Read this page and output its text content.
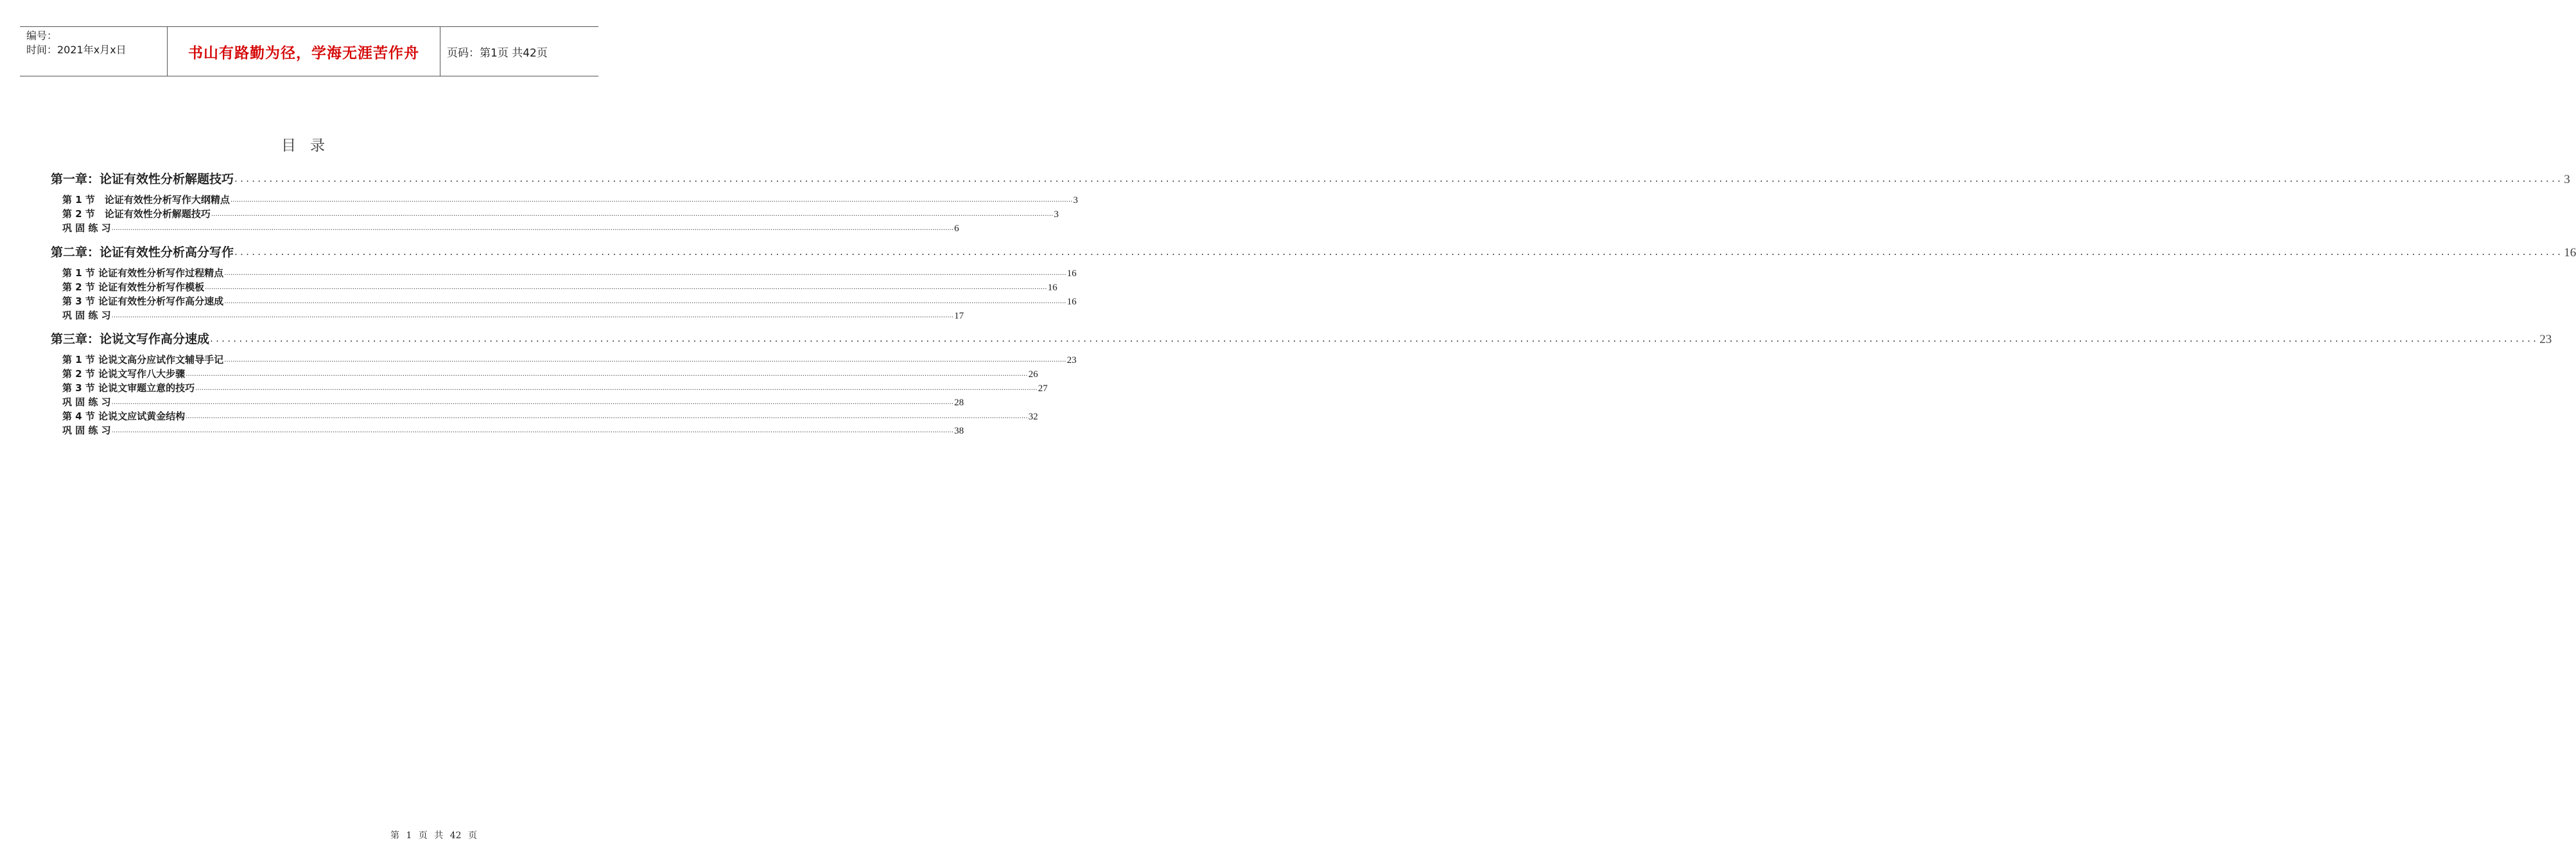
编号：
时间：2021年x月x日	书山有路勤为径，学海无涯苦作舟	页码：第1页 共42页
目录
第一章：论证有效性分析解题技巧 ................................................................................................................................................................................................................................................................................................................................................................................................................ 3
第 1 节　论证有效性分析写作大纲精点 ................................................................................................................................................................................................................................................................................................................................................................................................................ 3
第 2 节　论证有效性分析解题技巧 ................................................................................................................................................................................................................................................................................................................................................................................................................ 3
巩 固 练 习 ................................................................................................................................................................................................................................................................................................................................................................................................................ 6
第二章：论证有效性分析高分写作 ................................................................................................................................................................................................................................................................................................................................................................................................................ 16
第 1 节 论证有效性分析写作过程精点 ................................................................................................................................................................................................................................................................................................................................................................................................................ 16
第 2 节 论证有效性分析写作模板 ................................................................................................................................................................................................................................................................................................................................................................................................................ 16
第 3 节 论证有效性分析写作高分速成 ................................................................................................................................................................................................................................................................................................................................................................................................................ 16
巩 固 练 习 ................................................................................................................................................................................................................................................................................................................................................................................................................ 17
第三章：论说文写作高分速成 ................................................................................................................................................................................................................................................................................................................................................................................................................ 23
第 1 节 论说文高分应试作文辅导手记 ................................................................................................................................................................................................................................................................................................................................................................................................................ 23
第 2 节 论说文写作八大步骤 ................................................................................................................................................................................................................................................................................................................................................................................................................ 26
第 3 节 论说文审题立意的技巧 ................................................................................................................................................................................................................................................................................................................................................................................................................ 27
巩 固 练 习 ................................................................................................................................................................................................................................................................................................................................................................................................................ 28
第 4 节 论说文应试黄金结构 ................................................................................................................................................................................................................................................................................................................................................................................................................ 32
巩 固 练 习 ................................................................................................................................................................................................................................................................................................................................................................................................................ 38
第 1 页 共 42 页
